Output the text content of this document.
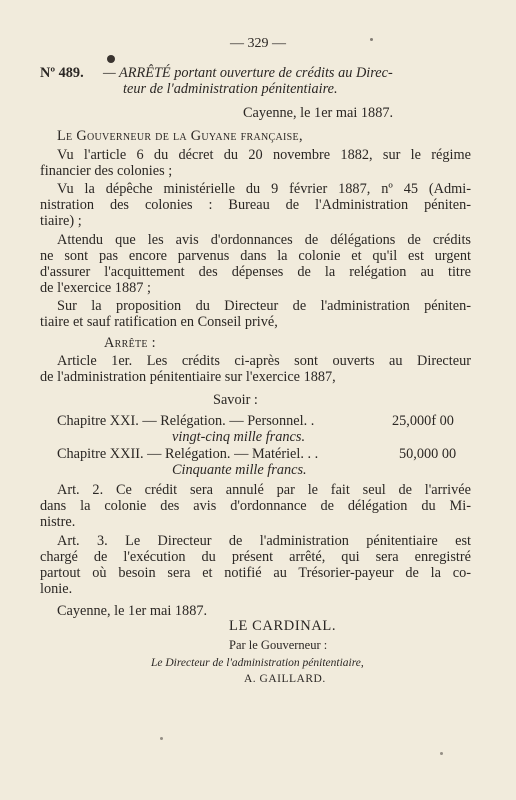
— 329 —
Nº 489. — ARRÊTÉ portant ouverture de crédits au Direc-
teur de l'administration pénitentiaire.
Cayenne, le 1er mai 1887.
Le Gouverneur de la Guyane française,
Vu l'article 6 du décret du 20 novembre 1882, sur le régime
financier des colonies ;
Vu la dépêche ministérielle du 9 février 1887, nº 45 (Admi-
nistration des colonies : Bureau de l'Administration péniten-
tiaire) ;
Attendu que les avis d'ordonnances de délégations de crédits
ne sont pas encore parvenus dans la colonie et qu'il est urgent
d'assurer l'acquittement des dépenses de la relégation au titre
de l'exercice 1887 ;
Sur la proposition du Directeur de l'administration péniten-
tiaire et sauf ratification en Conseil privé,
Arrête :
Article 1er. Les crédits ci-après sont ouverts au Directeur
de l'administration pénitentiaire sur l'exercice 1887,
Savoir :
Chapitre XXI. — Relégation. — Personnel. .	25,000f 00
vingt-cinq mille francs.
Chapitre XXII. — Relégation. — Matériel. . .	50,000 00
Cinquante mille francs.
Art. 2. Ce crédit sera annulé par le fait seul de l'arrivée
dans la colonie des avis d'ordonnance de délégation du Mi-
nistre.
Art. 3. Le Directeur de l'administration pénitentiaire est
chargé de l'exécution du présent arrêté, qui sera enregistré
partout où besoin sera et notifié au Trésorier-payeur de la co-
lonie.
Cayenne, le 1er mai 1887.
LE CARDINAL.
Par le Gouverneur :
Le Directeur de l'administration pénitentiaire,
A. GAILLARD.
